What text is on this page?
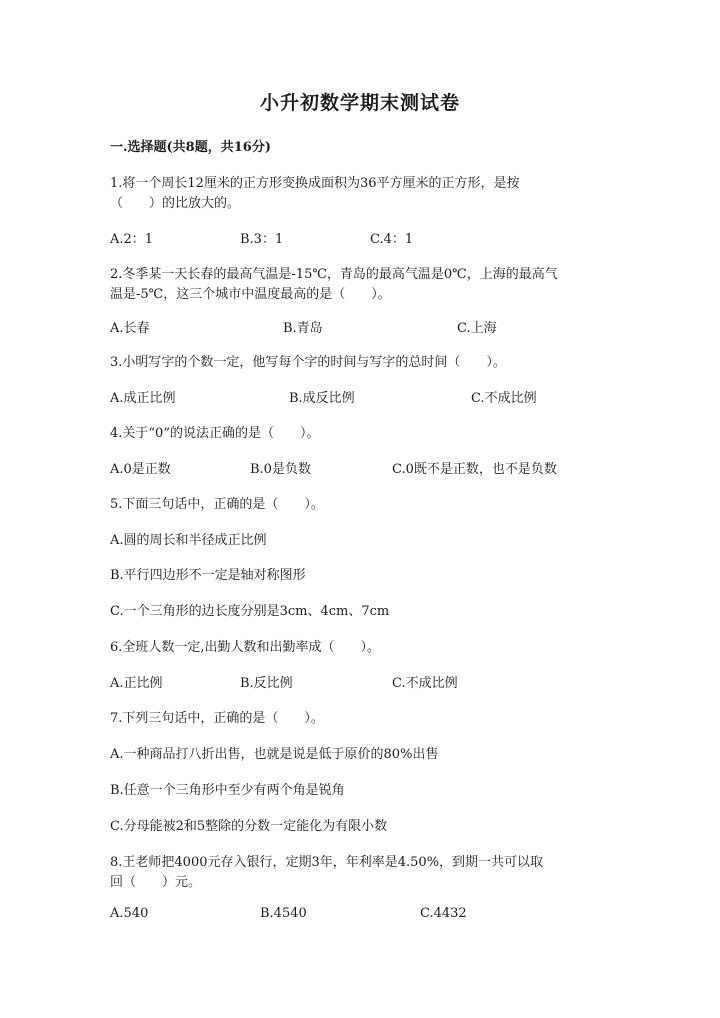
小升初数学期末测试卷
一.选择题(共8题，共16分)
1.将一个周长12厘米的正方形变换成面积为36平方厘米的正方形，是按
（　　）的比放大的。
A.2：1	B.3：1	C.4：1
2.冬季某一天长春的最高气温是-15℃，青岛的最高气温是0℃，上海的最高气
温是-5℃，这三个城市中温度最高的是（　　）。
A.长春	B.青岛	C.上海
3.小明写字的个数一定，他写每个字的时间与写字的总时间（　　）。
A.成正比例	B.成反比例	C.不成比例
4.关于“0”的说法正确的是（　　）。
A.0是正数	B.0是负数	C.0既不是正数，也不是负数
5.下面三句话中，正确的是（　　）。
A.圆的周长和半径成正比例
B.平行四边形不一定是轴对称图形
C.一个三角形的边长度分别是3cm、4cm、7cm
6.全班人数一定,出勤人数和出勤率成（　　）。
A.正比例	B.反比例	C.不成比例
7.下列三句话中，正确的是（　　）。
A.一种商品打八折出售，也就是说是低于原价的80%出售
B.任意一个三角形中至少有两个角是锐角
C.分母能被2和5整除的分数一定能化为有限小数
8.王老师把4000元存入银行，定期3年，年利率是4.50%，到期一共可以取
回（　　）元。
A.540	B.4540	C.4432
